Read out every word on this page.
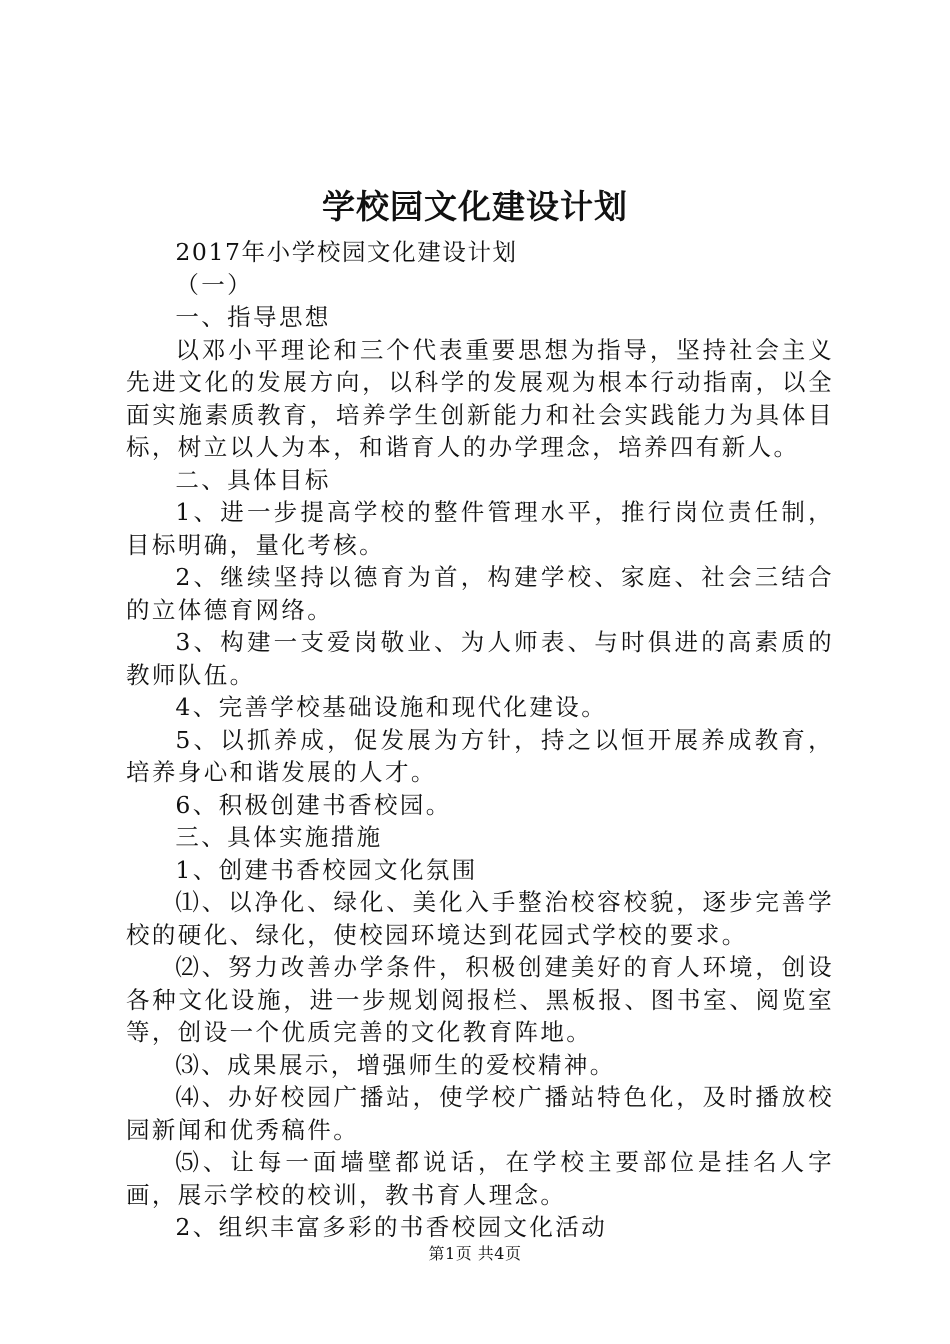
学校园文化建设计划

2017年小学校园文化建设计划

（一）

一、指导思想

以邓小平理论和三个代表重要思想为指导，坚持社会主义先进文化的发展方向，以科学的发展观为根本行动指南，以全面实施素质教育，培养学生创新能力和社会实践能力为具体目标，树立以人为本，和谐育人的办学理念，培养四有新人。

二、具体目标

1、进一步提高学校的整件管理水平，推行岗位责任制，目标明确，量化考核。

2、继续坚持以德育为首，构建学校、家庭、社会三结合的立体德育网络。

3、构建一支爱岗敬业、为人师表、与时俱进的高素质的教师队伍。

4、完善学校基础设施和现代化建设。

5、以抓养成，促发展为方针，持之以恒开展养成教育，培养身心和谐发展的人才。

6、积极创建书香校园。

三、具体实施措施

1、创建书香校园文化氛围

⑴、以净化、绿化、美化入手整治校容校貌，逐步完善学校的硬化、绿化，使校园环境达到花园式学校的要求。

⑵、努力改善办学条件，积极创建美好的育人环境，创设各种文化设施，进一步规划阅报栏、黑板报、图书室、阅览室等，创设一个优质完善的文化教育阵地。

⑶、成果展示，增强师生的爱校精神。

⑷、办好校园广播站，使学校广播站特色化，及时播放校园新闻和优秀稿件。

⑸、让每一面墙壁都说话，在学校主要部位是挂名人字画，展示学校的校训，教书育人理念。

2、组织丰富多彩的书香校园文化活动

第1页 共4页
